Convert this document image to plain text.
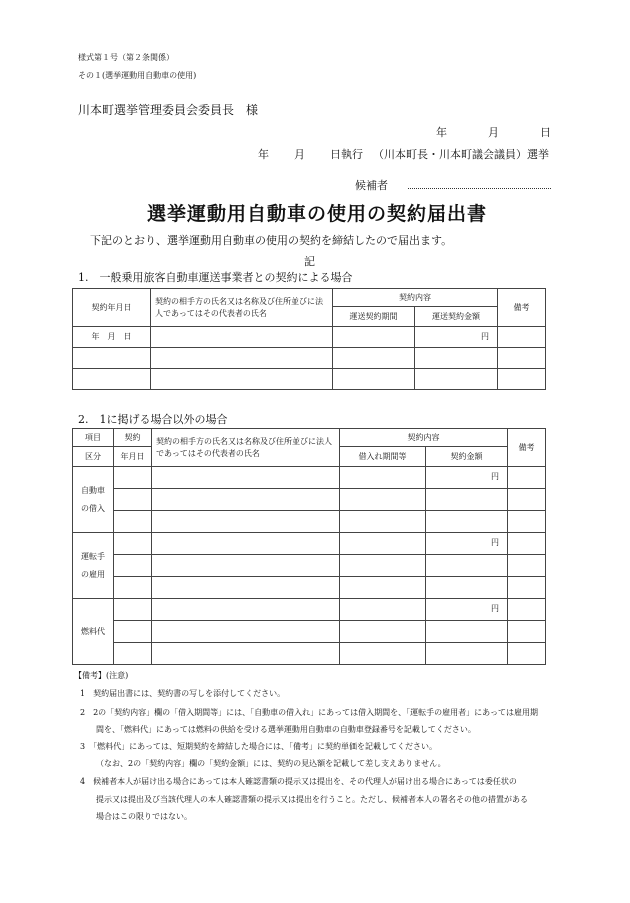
様式第１号（第２条関係）
その１(選挙運動用自動車の使用)
川本町選挙管理委員会委員長　様
年	月	日
年 月 日執行 （川本町長・川本町議会議員）選挙
候補者
選挙運動用自動車の使用の契約届出書
下記のとおり、選挙運動用自動車の使用の契約を締結したので届出ます。
記
1.　一般乗用旅客自動車運送事業者との契約による場合
契約年月日	契約の相手方の氏名又は名称及び住所並びに法人であってはその代表者の氏名	契約内容		備考
		運送契約期間	運送契約金額	
年　月　日			円	

2.　1に掲げる場合以外の場合
項目	契約	契約の相手方の氏名又は名称及び住所並びに法人であってはその代表者の氏名	契約内容		備考
区分	年月日		借入れ期間等	契約金額	
自動車
の借入				円	

運転手
の雇用				円	

燃料代				円	

【備考】(注意)
1　契約届出書には、契約書の写しを添付してください。
2　2の「契約内容」欄の「借入期間等」には、「自動車の借入れ」にあっては借入期間を、「運転手の雇用者」にあっては雇用期
間を、「燃料代」にあっては燃料の供給を受ける選挙運動用自動車の自動車登録番号を記載してください。
3　「燃料代」にあっては、短期契約を締結した場合には、「備考」に契約単価を記載してください。
（なお、2の「契約内容」欄の「契約金額」には、契約の見込額を記載して差し支えありません。
4　候補者本人が届け出る場合にあっては本人確認書類の提示又は提出を、その代理人が届け出る場合にあっては委任状の
提示又は提出及び当該代理人の本人確認書類の提示又は提出を行うこと。ただし、候補者本人の署名その他の措置がある
場合はこの限りではない。
